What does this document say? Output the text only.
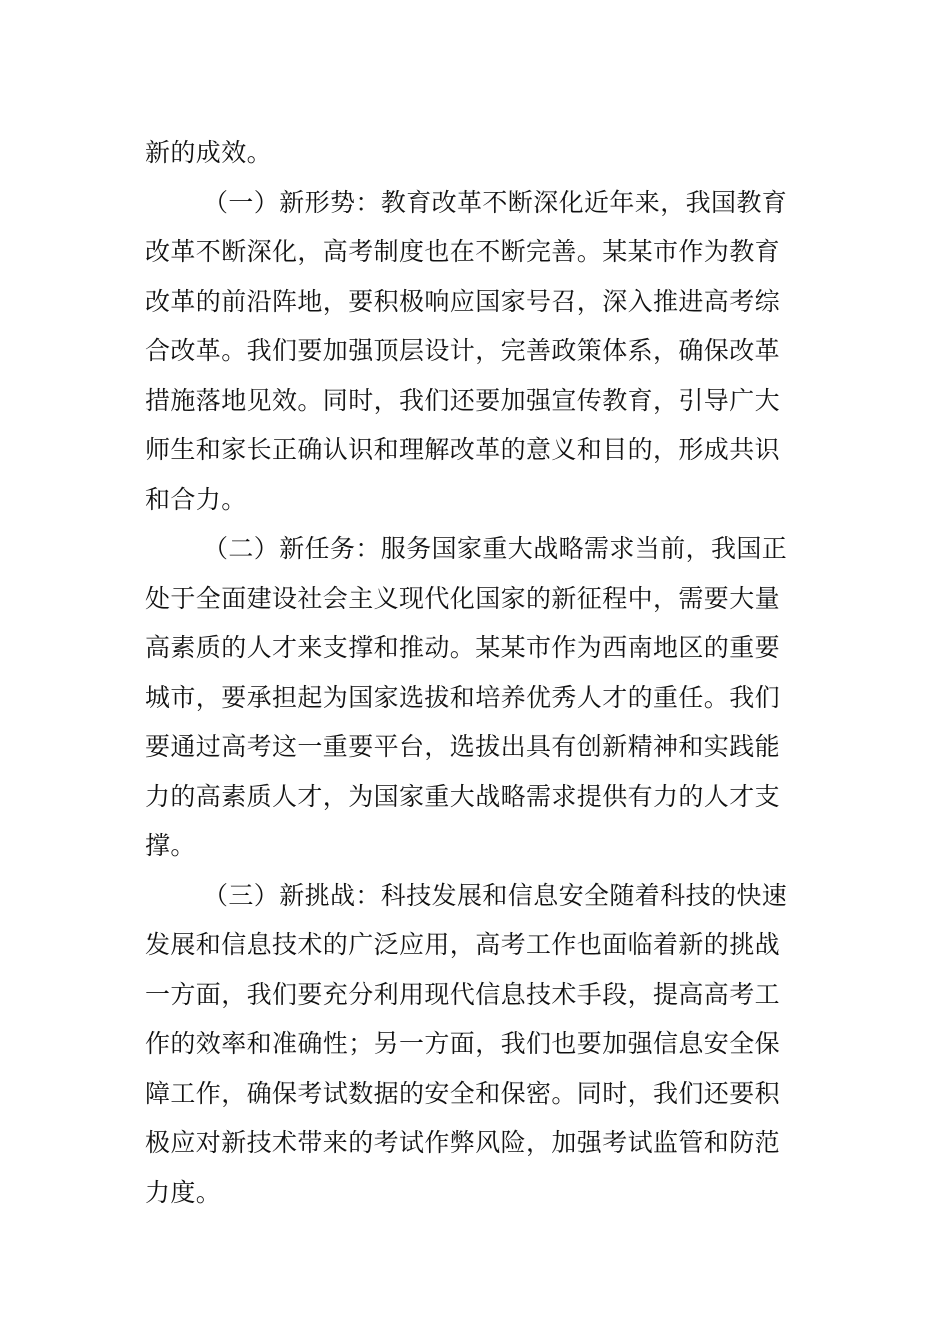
新的成效。
（一）新形势：教育改革不断深化近年来，我国教育
改革不断深化，高考制度也在不断完善。某某市作为教育
改革的前沿阵地，要积极响应国家号召，深入推进高考综
合改革。我们要加强顶层设计，完善政策体系，确保改革
措施落地见效。同时，我们还要加强宣传教育，引导广大
师生和家长正确认识和理解改革的意义和目的，形成共识
和合力。
（二）新任务：服务国家重大战略需求当前，我国正
处于全面建设社会主义现代化国家的新征程中，需要大量
高素质的人才来支撑和推动。某某市作为西南地区的重要
城市，要承担起为国家选拔和培养优秀人才的重任。我们
要通过高考这一重要平台，选拔出具有创新精神和实践能
力的高素质人才，为国家重大战略需求提供有力的人才支
撑。
（三）新挑战：科技发展和信息安全随着科技的快速
发展和信息技术的广泛应用，高考工作也面临着新的挑战
一方面，我们要充分利用现代信息技术手段，提高高考工
作的效率和准确性；另一方面，我们也要加强信息安全保
障工作，确保考试数据的安全和保密。同时，我们还要积
极应对新技术带来的考试作弊风险，加强考试监管和防范
力度。
